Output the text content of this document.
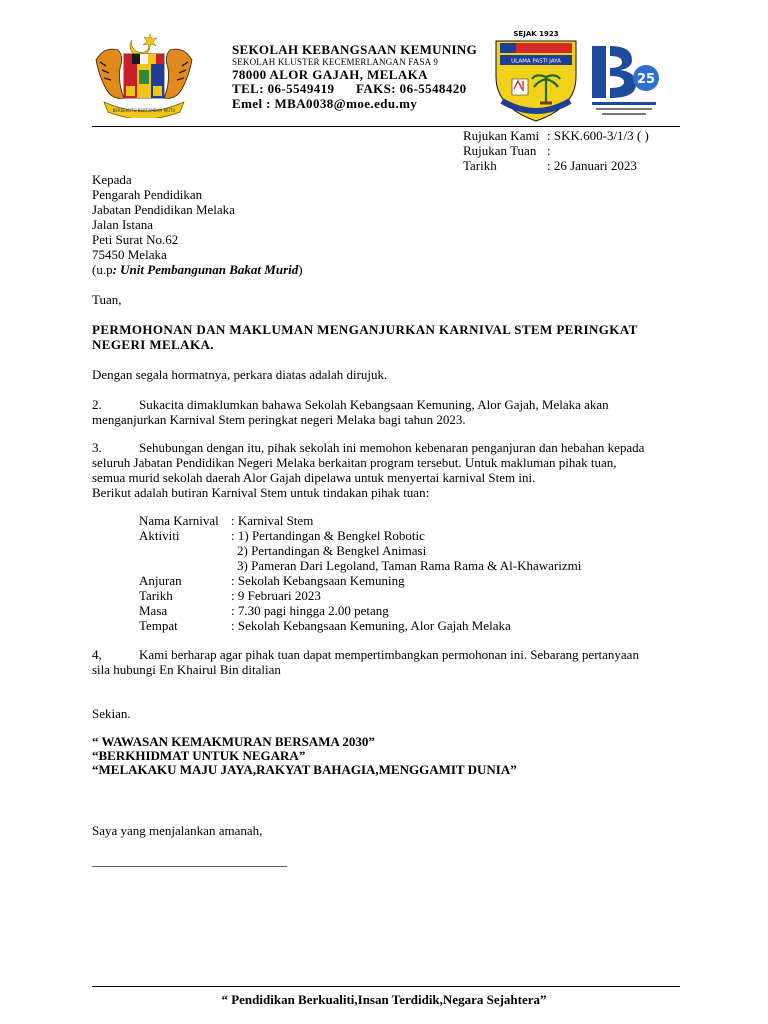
BERSEKUTU BERTAMBAH MUTU
SEKOLAH KEBANGSAAN KEMUNING
SEKOLAH KLUSTER KECEMERLANGAN FASA 9
78000 ALOR GAJAH, MELAKA
TEL: 06-5549419 FAKS: 06-5548420
Emel : MBA0038@moe.edu.my
SEJAK 1923
ULAMA PASTI JAYA
25
Rujukan Kami : SKK.600-3/1/3 ( )
Rujukan Tuan :
Tarikh	: 26 Januari 2023
Kepada
Pengarah Pendidikan
Jabatan Pendidikan Melaka
Jalan Istana
Peti Surat No.62
75450 Melaka
(u.p: Unit Pembangunan Bakat Murid)
Tuan,
PERMOHONAN DAN MAKLUMAN MENGANJURKAN KARNIVAL STEM PERINGKAT
NEGERI MELAKA.
Dengan segala hormatnya, perkara diatas adalah dirujuk.
2.	Sukacita dimaklumkan bahawa Sekolah Kebangsaan Kemuning, Alor Gajah, Melaka akan
menganjurkan Karnival Stem peringkat negeri Melaka bagi tahun 2023.
3.	Sehubungan dengan itu, pihak sekolah ini memohon kebenaran penganjuran dan hebahan kepada
seluruh Jabatan Pendidikan Negeri Melaka berkaitan program tersebut. Untuk makluman pihak tuan,
semua murid sekolah daerah Alor Gajah dipelawa untuk menyertai karnival Stem ini.
Berikut adalah butiran Karnival Stem untuk tindakan pihak tuan:
Nama Karnival : Karnival Stem
Aktiviti	: 1) Pertandingan & Bengkel Robotic
2) Pertandingan & Bengkel Animasi
3) Pameran Dari Legoland, Taman Rama Rama & Al-Khawarizmi
Anjuran	: Sekolah Kebangsaan Kemuning
Tarikh	: 9 Februari 2023
Masa	: 7.30 pagi hingga 2.00 petang
Tempat	: Sekolah Kebangsaan Kemuning, Alor Gajah Melaka
4,	Kami berharap agar pihak tuan dapat mempertimbangkan permohonan ini. Sebarang pertanyaan
sila hubungi En Khairul Bin ditalian
Sekian.
“ WAWASAN KEMAKMURAN BERSAMA 2030”
“BERKHIDMAT UNTUK NEGARA”
“MELAKAKU MAJU JAYA,RAKYAT BAHAGIA,MENGGAMIT DUNIA”
Saya yang menjalankan amanah,
______________________________
“ Pendidikan Berkualiti,Insan Terdidik,Negara Sejahtera”
